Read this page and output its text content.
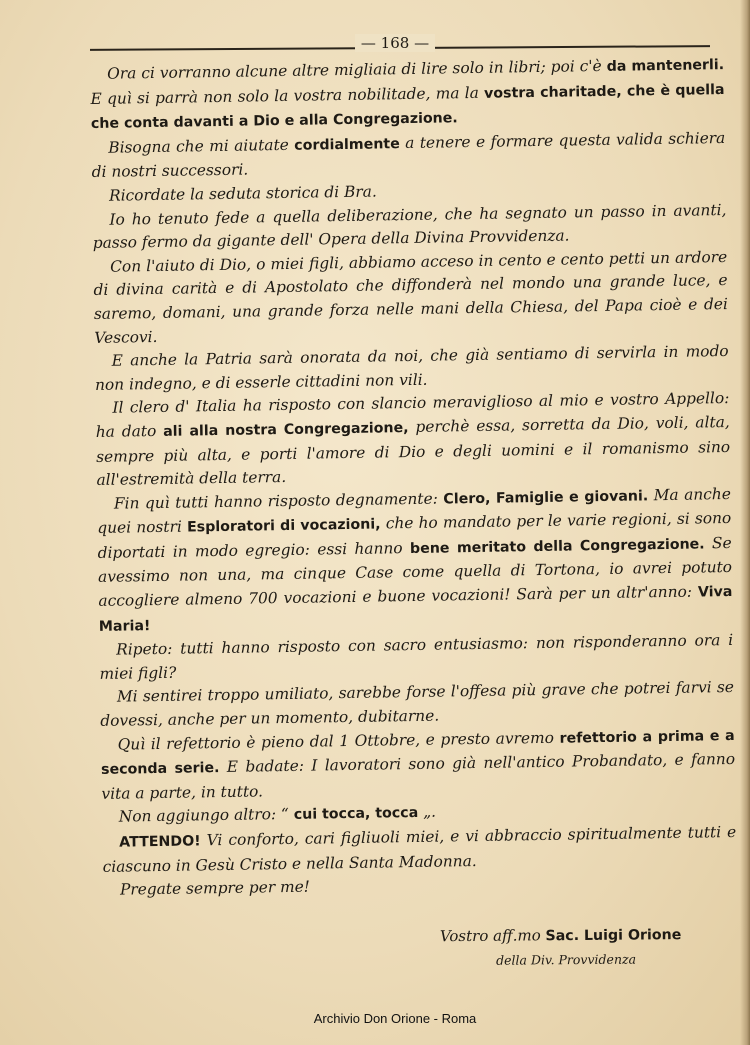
— 168 —

Ora ci vorranno alcune altre migliaia di lire solo in libri; poi c'è da mantenerli. E quì si parrà non solo la vostra nobilitade, ma la vostra charitade, che è quella che conta davanti a Dio e alla Congregazione.

Bisogna che mi aiutate cordialmente a tenere e formare questa valida schiera di nostri successori.

Ricordate la seduta storica di Bra.

Io ho tenuto fede a quella deliberazione, che ha segnato un passo in avanti, passo fermo da gigante dell' Opera della Divina Provvidenza.

Con l'aiuto di Dio, o miei figli, abbiamo acceso in cento e cento petti un ardore di divina carità e di Apostolato che diffonderà nel mondo una grande luce, e saremo, domani, una grande forza nelle mani della Chiesa, del Papa cioè e dei Vescovi.

E anche la Patria sarà onorata da noi, che già sentiamo di servirla in modo non indegno, e di esserle cittadini non vili.

Il clero d' Italia ha risposto con slancio meraviglioso al mio e vostro Appello: ha dato ali alla nostra Congregazione, perchè essa, sorretta da Dio, voli, alta, sempre più alta, e porti l'amore di Dio e degli uomini e il romanismo sino all'estremità della terra.

Fin quì tutti hanno risposto degnamente: Clero, Famiglie e giovani. Ma anche quei nostri Esploratori di vocazioni, che ho mandato per le varie regioni, si sono diportati in modo egregio: essi hanno bene meritato della Congregazione. Se avessimo non una, ma cinque Case come quella di Tortona, io avrei potuto accogliere almeno 700 vocazioni e buone vocazioni! Sarà per un altr'anno: Viva Maria!

Ripeto: tutti hanno risposto con sacro entusiasmo: non risponderanno ora i miei figli?

Mi sentirei troppo umiliato, sarebbe forse l'offesa più grave che potrei farvi se dovessi, anche per un momento, dubitarne.

Quì il refettorio è pieno dal 1 Ottobre, e presto avremo refettorio a prima e a seconda serie. E badate: I lavoratori sono già nell'antico Probandato, e fanno vita a parte, in tutto.

Non aggiungo altro: “ cui tocca, tocca „.

ATTENDO! Vi conforto, cari figliuoli miei, e vi abbraccio spiritualmente tutti e ciascuno in Gesù Cristo e nella Santa Madonna.

Pregate sempre per me!

Vostro aff.mo Sac. Luigi Orione
della Div. Provvidenza
Archivio Don Orione - Roma
